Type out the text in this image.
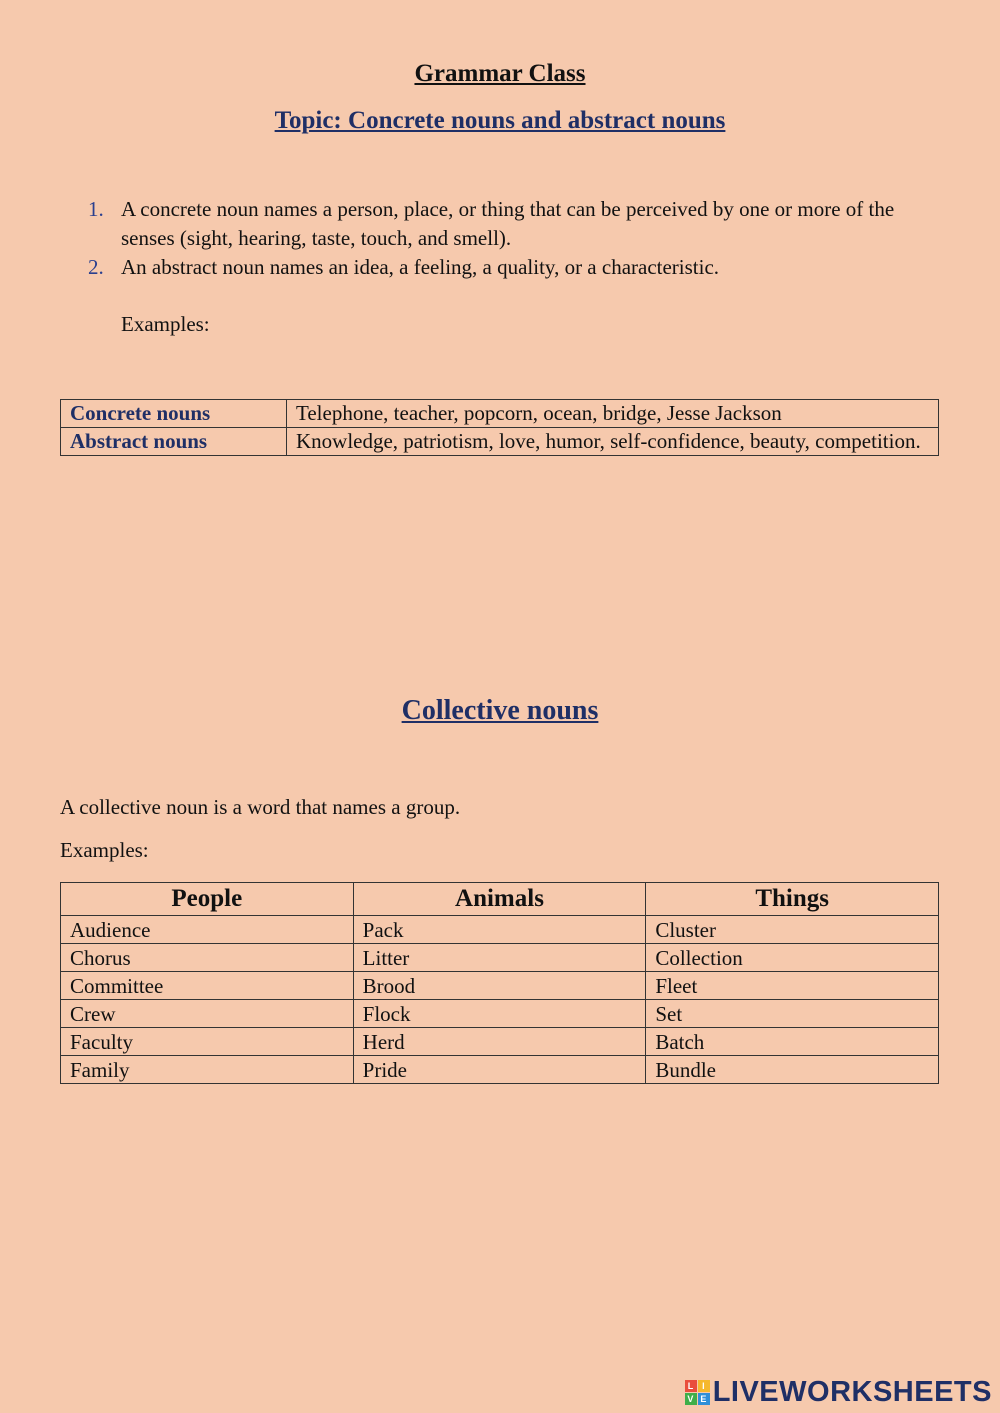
Grammar Class
Topic: Concrete nouns and abstract nouns
1. A concrete noun names a person, place, or thing that can be perceived by one or more of the senses (sight, hearing, taste, touch, and smell).
2. An abstract noun names an idea, a feeling, a quality, or a characteristic.
Examples:
Concrete nouns	Telephone, teacher, popcorn, ocean, bridge, Jesse Jackson
Abstract nouns	Knowledge, patriotism, love, humor, self-confidence, beauty, competition.
Collective nouns
A collective noun is a word that names a group.
Examples:
People	Animals	Things
Audience	Pack	Cluster
Chorus	Litter	Collection
Committee	Brood	Fleet
Crew	Flock	Set
Faculty	Herd	Batch
Family	Pride	Bundle
L I
V E LIVEWORKSHEETS
